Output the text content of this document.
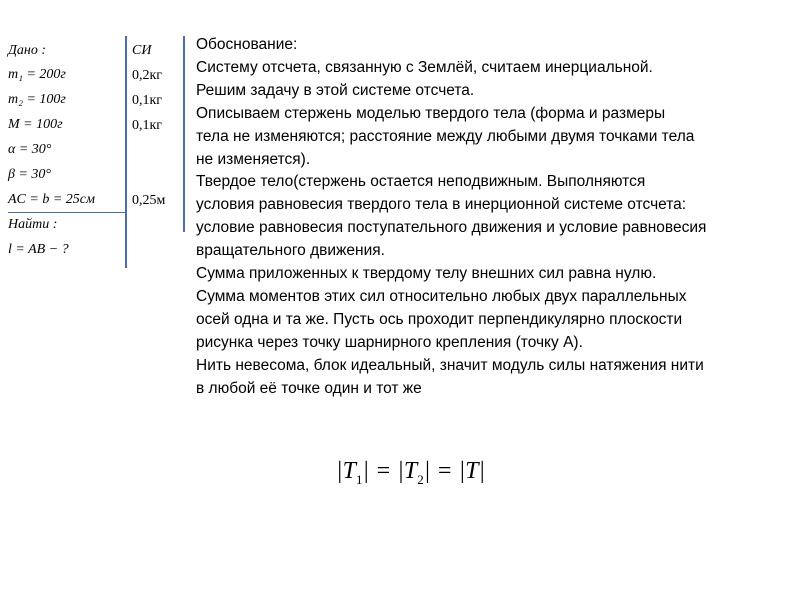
Дано :
m₁ = 200г
m₂ = 100г
M = 100г
α = 30°
β = 30°
AC = b = 25см
Найти :
l = AB − ?
СИ
0,2кг
0,1кг
0,1кг
0,25м

Обоснование:

Систему отсчета, связанную с Землёй, считаем инерциальной.

Решим задачу в этой системе отсчета.

Описываем стержень моделью твердого тела (форма и размеры

тела не изменяются; расстояние между любыми двумя точками тела

не изменяется).

Твердое тело(стержень остается неподвижным. Выполняются

условия равновесия твердого тела в инерционной системе отсчета:

условие равновесия поступательного движения и условие равновесия

вращательного движения.

Сумма приложенных к твердому телу внешних сил равна нулю.

Сумма моментов этих сил относительно любых двух параллельных

осей одна и та же. Пусть ось проходит перпендикулярно плоскости

рисунка через точку шарнирного крепления (точку А).

Нить невесома, блок идеальный, значит модуль силы натяжения нити

в любой её точке один и тот же

$|T_1| = |T_2| = |T|$
